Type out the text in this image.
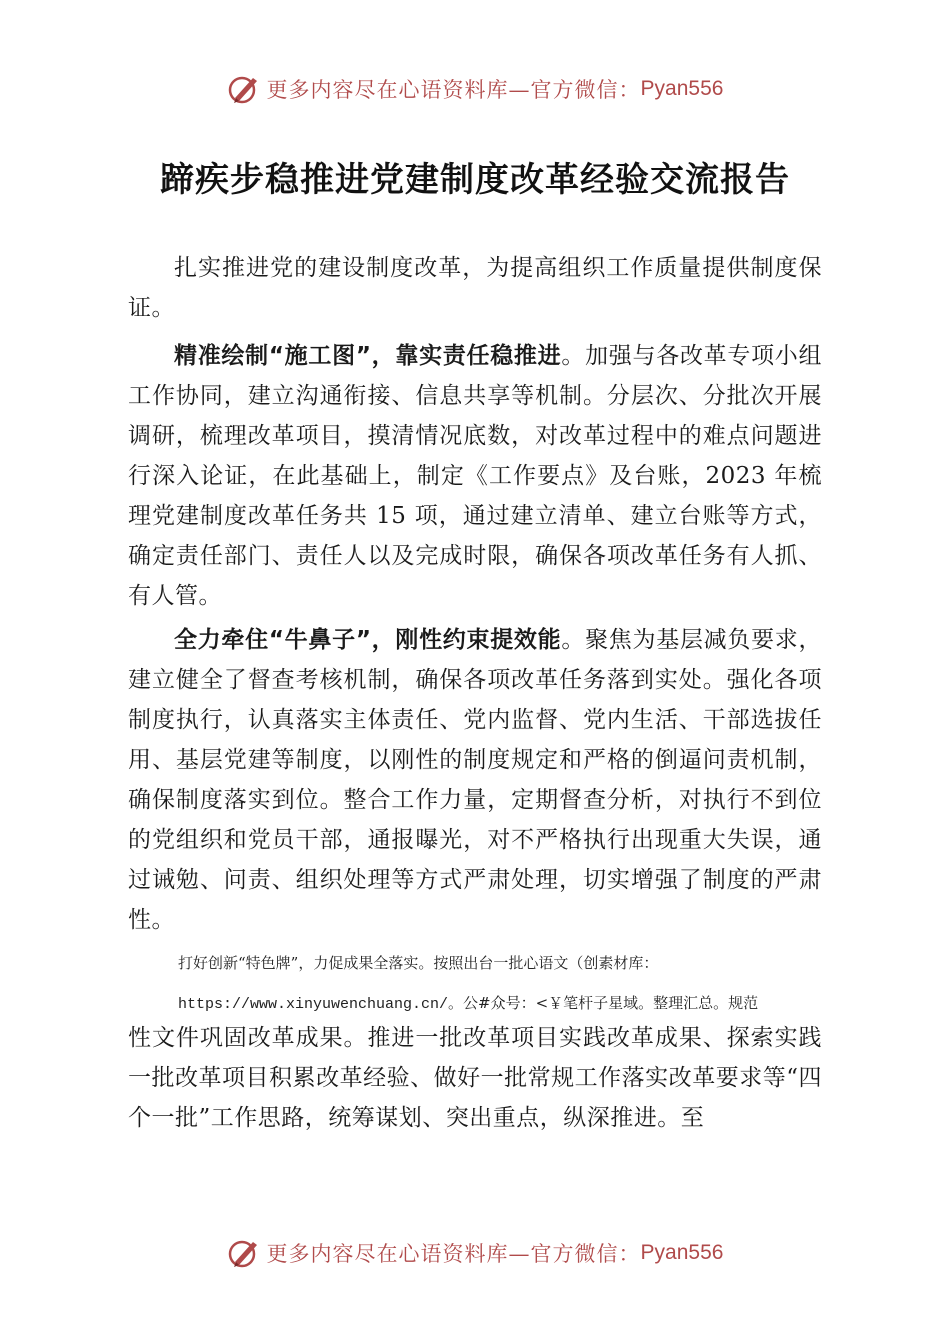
更多内容尽在心语资料库—官方微信： Pyan556
蹄疾步稳推进党建制度改革经验交流报告

扎实推进党的建设制度改革，为提高组织工作质量提供制度保证。

精准绘制“施工图”，靠实责任稳推进。加强与各改革专项小组工作协同，建立沟通衔接、信息共享等机制。分层次、分批次开展调研，梳理改革项目，摸清情况底数，对改革过程中的难点问题进行深入论证，在此基础上，制定《工作要点》及台账，2023 年梳理党建制度改革任务共 15 项，通过建立清单、建立台账等方式，确定责任部门、责任人以及完成时限，确保各项改革任务有人抓、有人管。

全力牵住“牛鼻子”，刚性约束提效能。聚焦为基层减负要求，建立健全了督查考核机制，确保各项改革任务落到实处。强化各项制度执行，认真落实主体责任、党内监督、党内生活、干部选拔任用、基层党建等制度，以刚性的制度规定和严格的倒逼问责机制，确保制度落实到位。整合工作力量，定期督查分析，对执行不到位的党组织和党员干部，通报曝光，对不严格执行出现重大失误，通过诫勉、问责、组织处理等方式严肃处理，切实增强了制度的严肃性。

打好创新“特色牌”，力促成果全落实。按照出台一批心语文（创素材库：
https://www.xinyuwenchuang.cn/。公#众号：<￥笔杆子星域。整理汇总。规范

性文件巩固改革成果。推进一批改革项目实践改革成果、探索实践一批改革项目积累改革经验、做好一批常规工作落实改革要求等“四个一批”工作思路，统筹谋划、突出重点，纵深推进。至

更多内容尽在心语资料库—官方微信： Pyan556
